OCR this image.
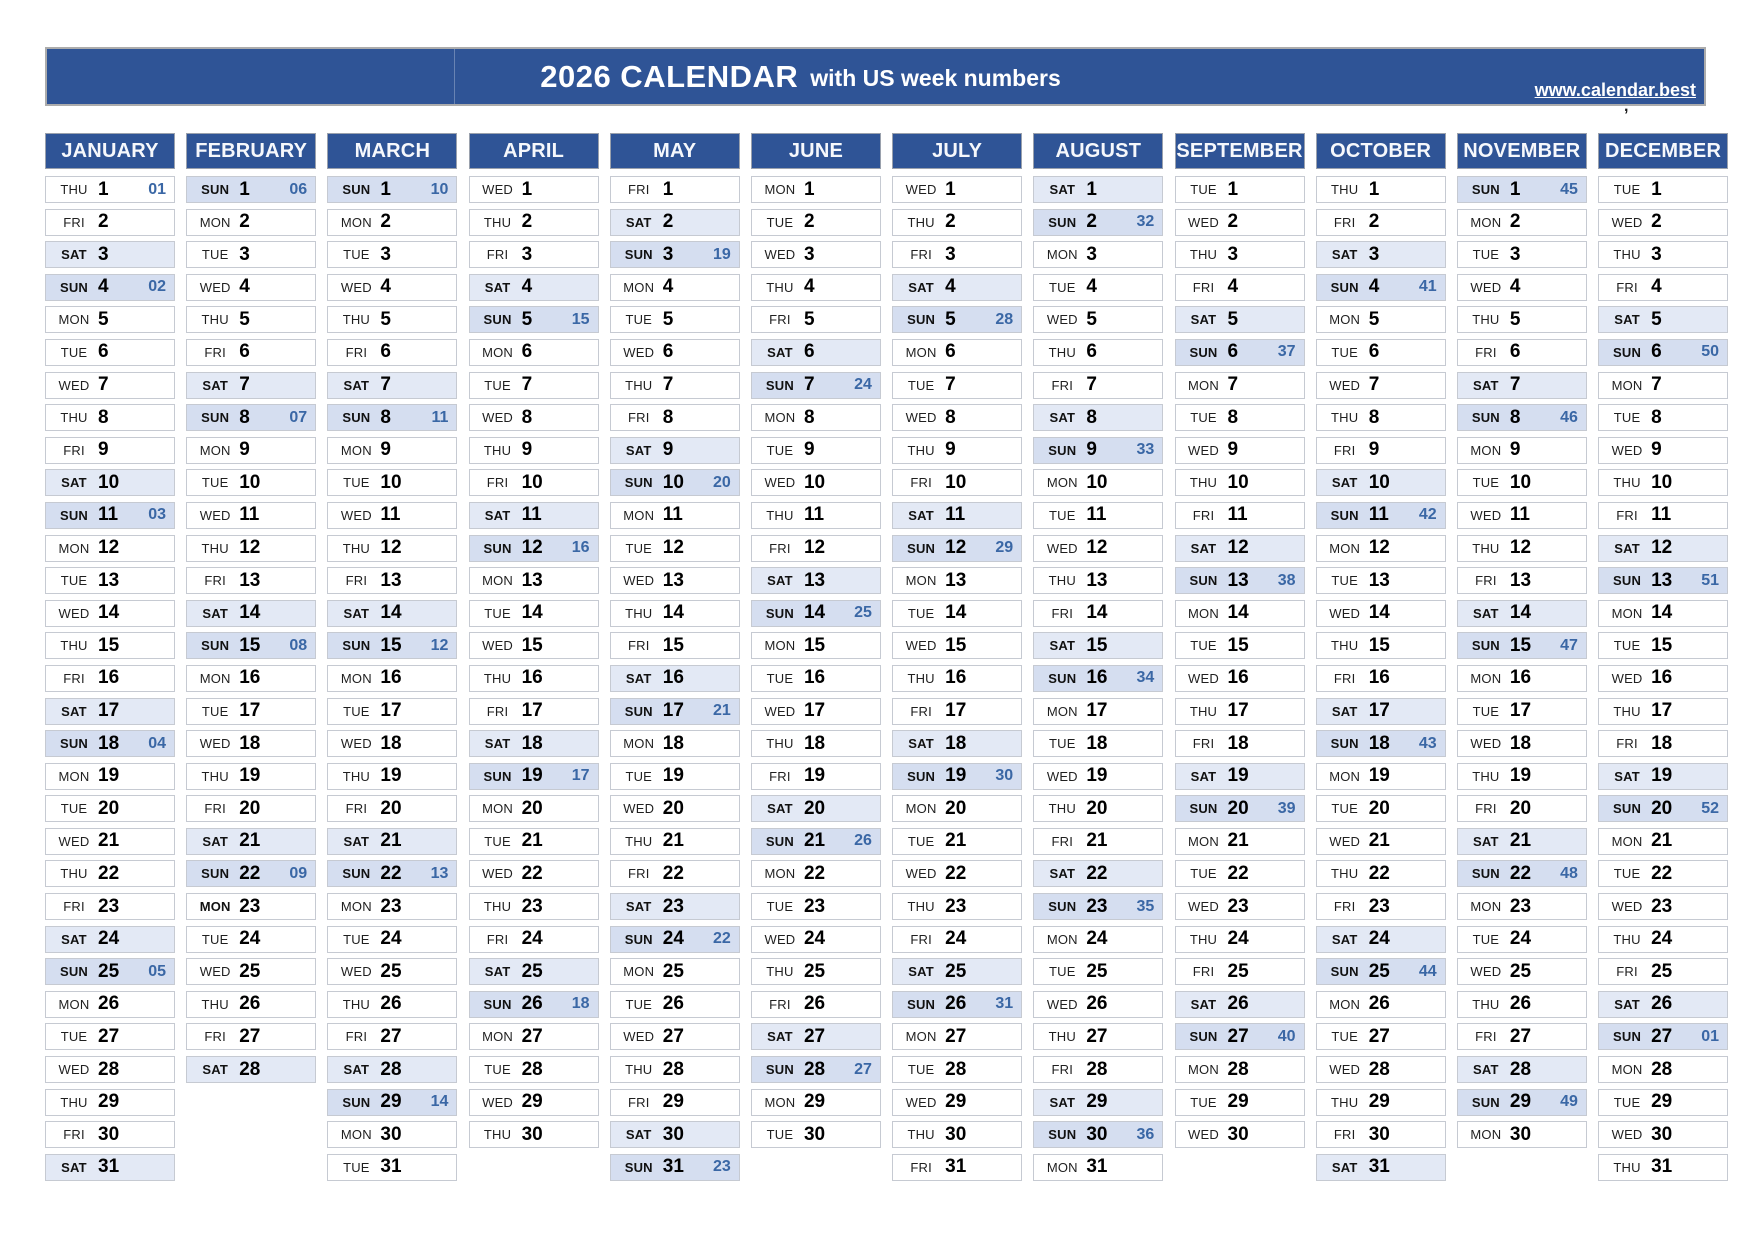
2026 CALENDAR with US week numbers	www.calendar.best
,
JANUARY
THU 1 01
FRI 2
SAT 3
SUN 4 02
MON 5
TUE 6
WED 7
THU 8
FRI 9
SAT 10
SUN 11 03
MON 12
TUE 13
WED 14
THU 15
FRI 16
SAT 17
SUN 18 04
MON 19
TUE 20
WED 21
THU 22
FRI 23
SAT 24
SUN 25 05
MON 26
TUE 27
WED 28
THU 29
FRI 30
SAT 31
FEBRUARY
SUN 1 06
MON 2
TUE 3
WED 4
THU 5
FRI 6
SAT 7
SUN 8 07
MON 9
TUE 10
WED 11
THU 12
FRI 13
SAT 14
SUN 15 08
MON 16
TUE 17
WED 18
THU 19
FRI 20
SAT 21
SUN 22 09
MON 23
TUE 24
WED 25
THU 26
FRI 27
SAT 28
MARCH
SUN 1 10
MON 2
TUE 3
WED 4
THU 5
FRI 6
SAT 7
SUN 8	11
MON 9
TUE 10
WED 11
THU 12
FRI 13
SAT 14
SUN 15 12
MON 16
TUE 17
WED 18
THU 19
FRI 20
SAT 21
SUN 22 13
MON 23
TUE 24
WED 25
THU 26
FRI 27
SAT 28
SUN 29 14
MON 30
TUE 31
APRIL
WED 1
THU 2
FRI 3
SAT 4
SUN 5 15
MON 6
TUE 7
WED 8
THU 9
FRI 10
SAT 11
SUN 12 16
MON 13
TUE 14
WED 15
THU 16
FRI 17
SAT 18
SUN 19 17
MON 20
TUE 21
WED 22
THU 23
FRI 24
SAT 25
SUN 26 18
MON 27
TUE 28
WED 29
THU 30
MAY
FRI 1
SAT 2
SUN 3 19
MON 4
TUE 5
WED 6
THU 7
FRI 8
SAT 9
SUN 10 20
MON 11
TUE 12
WED 13
THU 14
FRI 15
SAT 16
SUN 17 21
MON 18
TUE 19
WED 20
THU 21
FRI 22
SAT 23
SUN 24 22
MON 25
TUE 26
WED 27
THU 28
FRI 29
SAT 30
SUN 31 23
JUNE
MON 1
TUE 2
WED 3
THU 4
FRI 5
SAT 6
SUN 7 24
MON 8
TUE 9
WED 10
THU 11
FRI 12
SAT 13
SUN 14 25
MON 15
TUE 16
WED 17
THU 18
FRI 19
SAT 20
SUN 21 26
MON 22
TUE 23
WED 24
THU 25
FRI 26
SAT 27
SUN 28 27
MON 29
TUE 30
JULY
WED 1
THU 2
FRI 3
SAT 4
SUN 5 28
MON 6
TUE 7
WED 8
THU 9
FRI 10
SAT 11
SUN 12 29
MON 13
TUE 14
WED 15
THU 16
FRI 17
SAT 18
SUN 19 30
MON 20
TUE 21
WED 22
THU 23
FRI 24
SAT 25
SUN 26 31
MON 27
TUE 28
WED 29
THU 30
FRI 31
AUGUST
SAT 1
SUN 2 32
MON 3
TUE 4
WED 5
THU 6
FRI 7
SAT 8
SUN 9 33
MON 10
TUE 11
WED 12
THU 13
FRI 14
SAT 15
SUN 16 34
MON 17
TUE 18
WED 19
THU 20
FRI 21
SAT 22
SUN 23 35
MON 24
TUE 25
WED 26
THU 27
FRI 28
SAT 29
SUN 30 36
MON 31
SEPTEMBER
TUE 1
WED 2
THU 3
FRI 4
SAT 5
SUN 6 37
MON 7
TUE 8
WED 9
THU 10
FRI 11
SAT 12
SUN 13 38
MON 14
TUE 15
WED 16
THU 17
FRI 18
SAT 19
SUN 20 39
MON 21
TUE 22
WED 23
THU 24
FRI 25
SAT 26
SUN 27 40
MON 28
TUE 29
WED 30
OCTOBER
THU 1
FRI 2
SAT 3
SUN 4 41
MON 5
TUE 6
WED 7
THU 8
FRI 9
SAT 10
SUN 11 42
MON 12
TUE 13
WED 14
THU 15
FRI 16
SAT 17
SUN 18 43
MON 19
TUE 20
WED 21
THU 22
FRI 23
SAT 24
SUN 25 44
MON 26
TUE 27
WED 28
THU 29
FRI 30
SAT 31
NOVEMBER
SUN 1 45
MON 2
TUE 3
WED 4
THU 5
FRI 6
SAT 7
SUN 8 46
MON 9
TUE 10
WED 11
THU 12
FRI 13
SAT 14
SUN 15 47
MON 16
TUE 17
WED 18
THU 19
FRI 20
SAT 21
SUN 22 48
MON 23
TUE 24
WED 25
THU 26
FRI 27
SAT 28
SUN 29 49
MON 30
DECEMBER
TUE 1
WED 2
THU 3
FRI 4
SAT 5
SUN 6 50
MON 7
TUE 8
WED 9
THU 10
FRI 11
SAT 12
SUN 13 51
MON 14
TUE 15
WED 16
THU 17
FRI 18
SAT 19
SUN 20 52
MON 21
TUE 22
WED 23
THU 24
FRI 25
SAT 26
SUN 27 01
MON 28
TUE 29
WED 30
THU 31
